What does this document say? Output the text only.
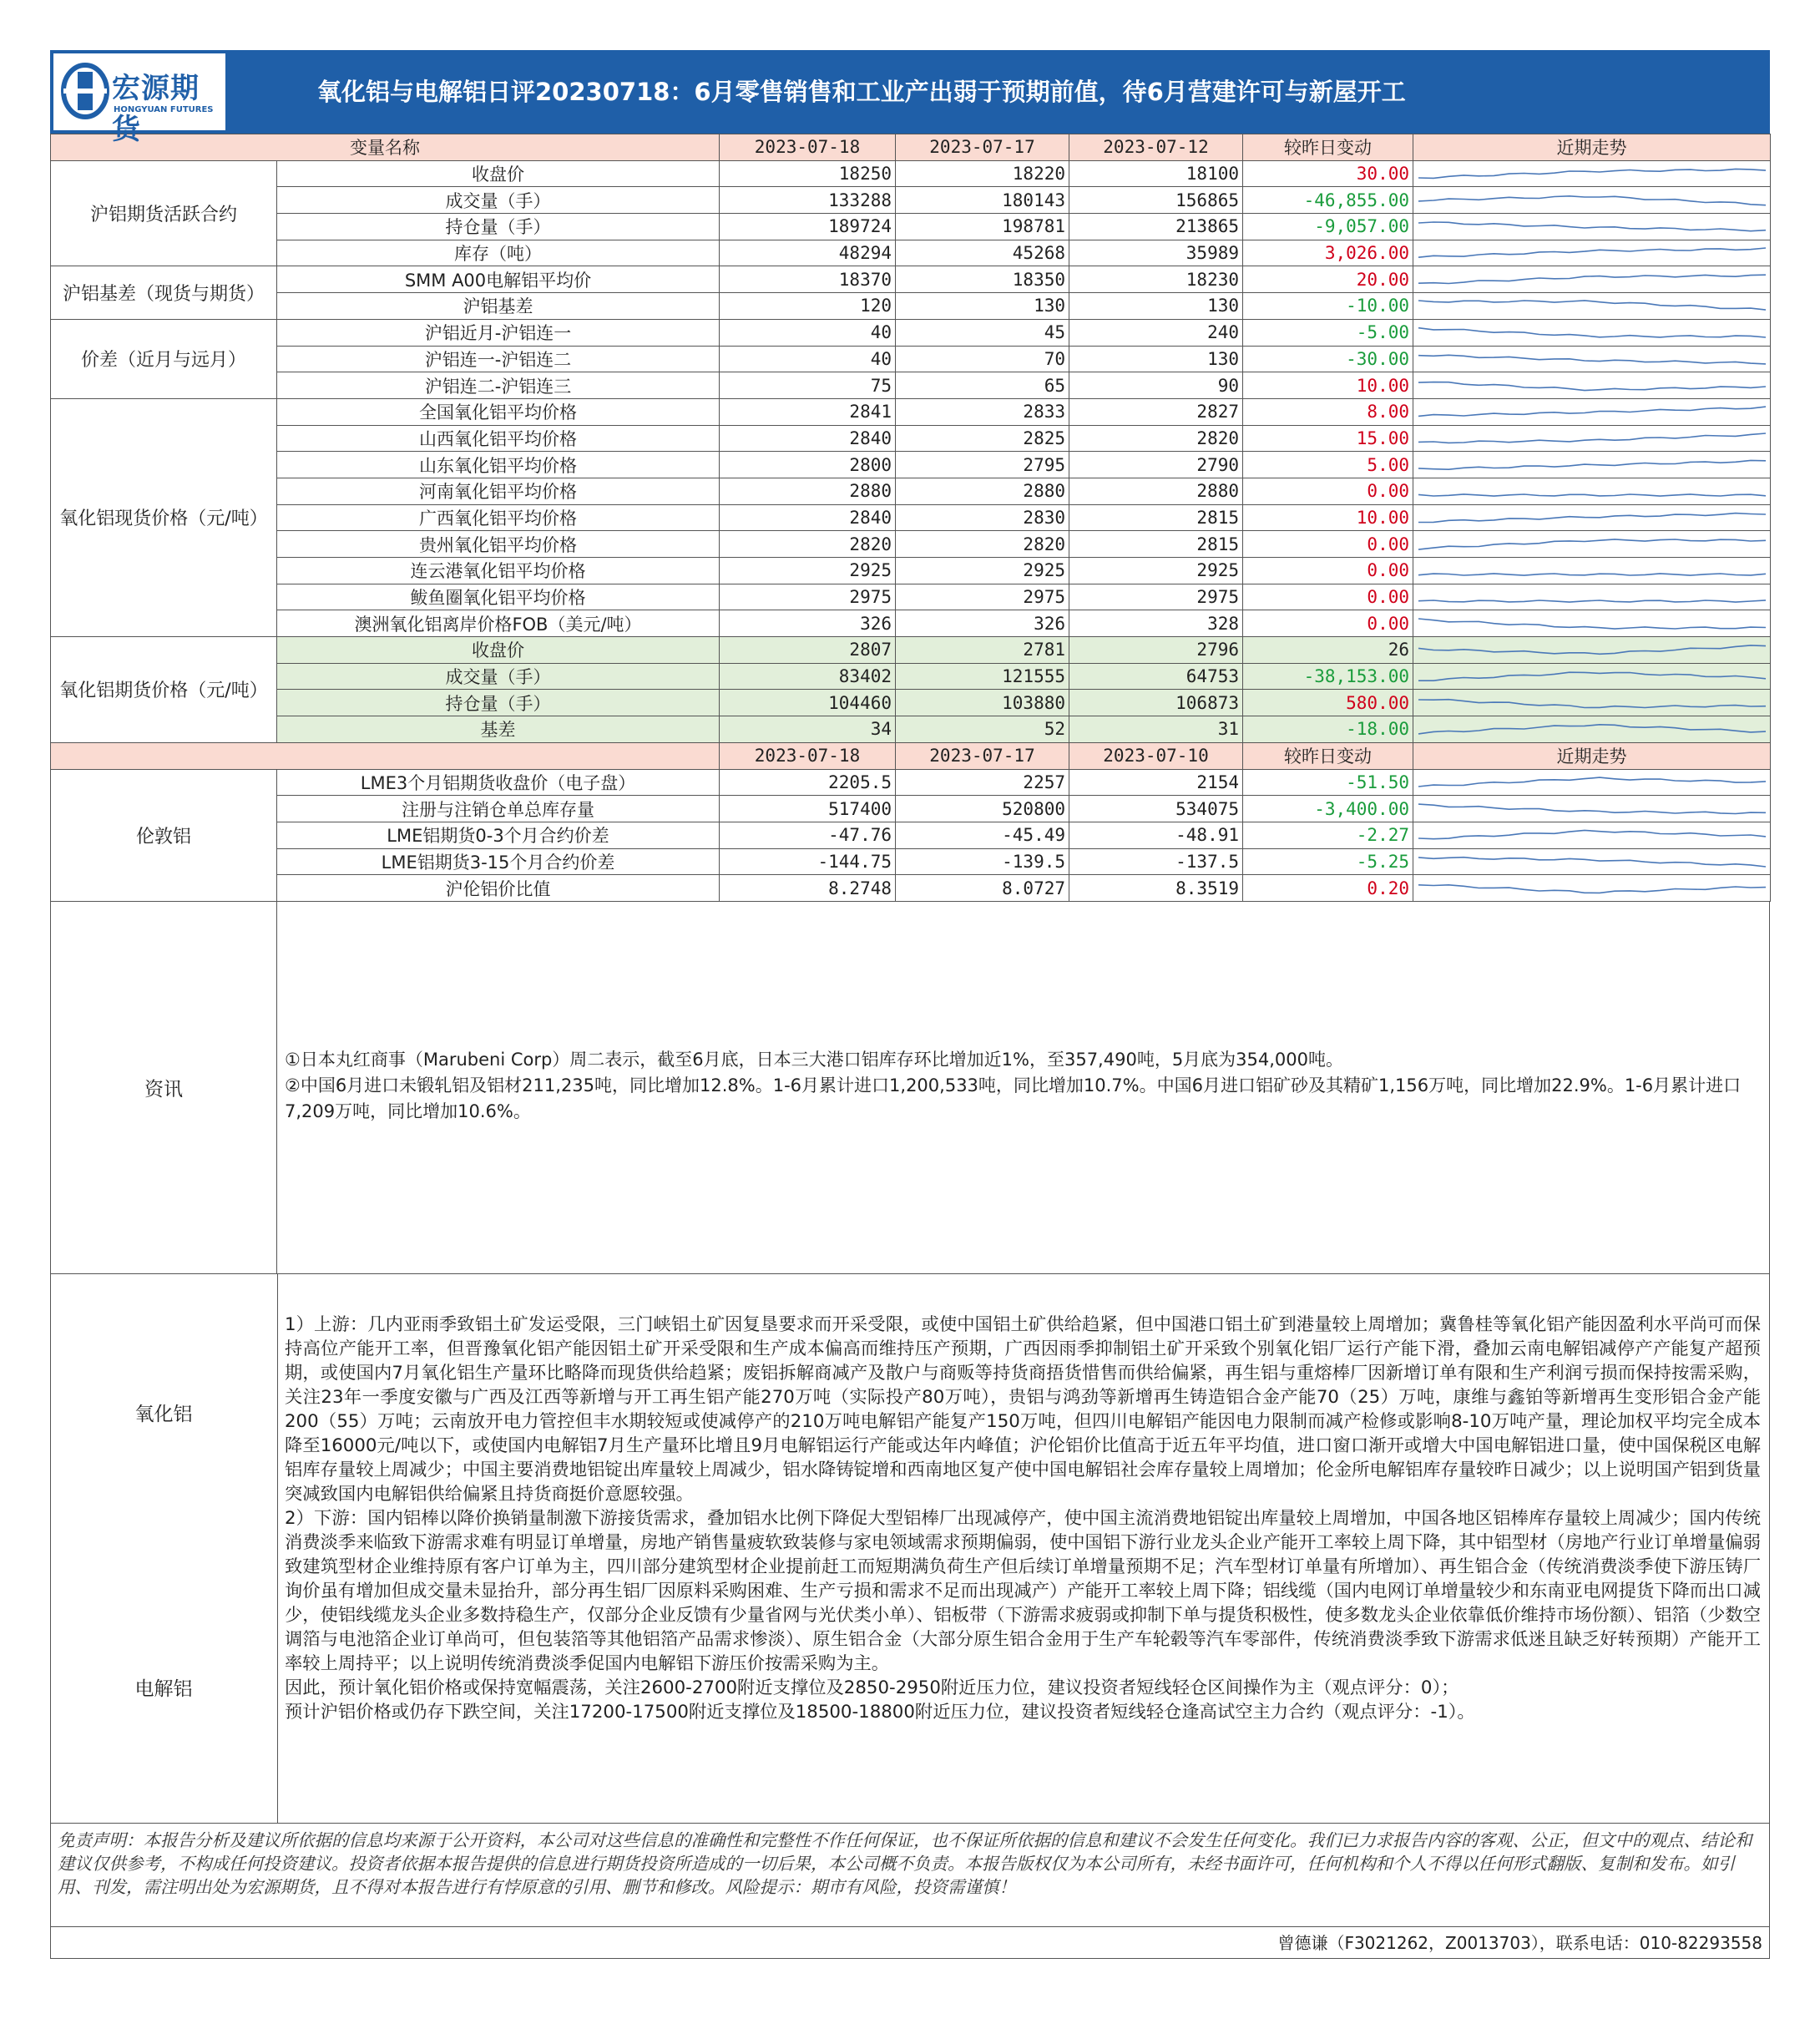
宏源期货
HONGYUAN FUTURES
氧化铝与电解铝日评20230718：6月零售销售和工业产出弱于预期前值，待6月营建许可与新屋开工
变量名称		2023-07-18	2023-07-17	2023-07-12	较昨日变动	近期走势
沪铝期货活跃合约	收盘价	18250	18220	18100	30.00	

	成交量（手）	133288	180143	156865	-46,855.00	

	持仓量（手）	189724	198781	213865	-9,057.00	

	库存（吨）	48294	45268	35989	3,026.00	

沪铝基差（现货与期货）	SMM A00电解铝平均价	18370	18350	18230	20.00	

	沪铝基差	120	130	130	-10.00	

价差（近月与远月）	沪铝近月-沪铝连一	40	45	240	-5.00	

	沪铝连一-沪铝连二	40	70	130	-30.00	

	沪铝连二-沪铝连三	75	65	90	10.00	

氧化铝现货价格（元/吨）	全国氧化铝平均价格	2841	2833	2827	8.00	

	山西氧化铝平均价格	2840	2825	2820	15.00	

	山东氧化铝平均价格	2800	2795	2790	5.00	

	河南氧化铝平均价格	2880	2880	2880	0.00	

	广西氧化铝平均价格	2840	2830	2815	10.00	

	贵州氧化铝平均价格	2820	2820	2815	0.00	

	连云港氧化铝平均价格	2925	2925	2925	0.00	

	鲅鱼圈氧化铝平均价格	2975	2975	2975	0.00	

	澳洲氧化铝离岸价格FOB（美元/吨）	326	326	328	0.00	

氧化铝期货价格（元/吨）	收盘价	2807	2781	2796	26	

	成交量（手）	83402	121555	64753	-38,153.00	

	持仓量（手）	104460	103880	106873	580.00	

	基差	34	52	31	-18.00	

		2023-07-18	2023-07-17	2023-07-10	较昨日变动	近期走势
伦敦铝	LME3个月铝期货收盘价（电子盘）	2205.5	2257	2154	-51.50	

	注册与注销仓单总库存量	517400	520800	534075	-3,400.00	

	LME铝期货0-3个月合约价差	-47.76	-45.49	-48.91	-2.27	

	LME铝期货3-15个月合约价差	-144.75	-139.5	-137.5	-5.25	

	沪伦铝价比值	8.2748	8.0727	8.3519	0.20	
资讯
①日本丸红商事（Marubeni Corp）周二表示，截至6月底，日本三大港口铝库存环比增加近1%，至357,490吨，5月底为354,000吨。
②中国6月进口未锻轧铝及铝材211,235吨，同比增加12.8%。1-6月累计进口1,200,533吨，同比增加10.7%。中国6月进口铝矿砂及其精矿1,156万吨，同比增加22.9%。1-6月累计进口7,209万吨，同比增加10.6%。
氧化铝
电解铝
1）上游：几内亚雨季致铝土矿发运受限，三门峡铝土矿因复垦要求而开采受限，或使中国铝土矿供给趋紧，但中国港口铝土矿到港量较上周增加；冀鲁桂等氧化铝产能因盈利水平尚可而保持高位产能开工率，但晋豫氧化铝产能因铝土矿开采受限和生产成本偏高而维持压产预期，广西因雨季抑制铝土矿开采致个别氧化铝厂运行产能下滑，叠加云南电解铝减停产产能复产超预期，或使国内7月氧化铝生产量环比略降而现货供给趋紧；废铝拆解商减产及散户与商贩等持货商捂货惜售而供给偏紧，再生铝与重熔棒厂因新增订单有限和生产利润亏损而保持按需采购，关注23年一季度安徽与广西及江西等新增与开工再生铝产能270万吨（实际投产80万吨），贵铝与鸿劲等新增再生铸造铝合金产能70（25）万吨，康维与鑫铂等新增再生变形铝合金产能200（55）万吨；云南放开电力管控但丰水期较短或使减停产的210万吨电解铝产能复产150万吨，但四川电解铝产能因电力限制而减产检修或影响8-10万吨产量，理论加权平均完全成本降至16000元/吨以下，或使国内电解铝7月生产量环比增且9月电解铝运行产能或达年内峰值；沪伦铝价比值高于近五年平均值，进口窗口渐开或增大中国电解铝进口量，使中国保税区电解铝库存量较上周减少；中国主要消费地铝锭出库量较上周减少，铝水降铸锭增和西南地区复产使中国电解铝社会库存量较上周增加；伦金所电解铝库存量较昨日减少；以上说明国产铝到货量突减致国内电解铝供给偏紧且持货商挺价意愿较强。
2）下游：国内铝棒以降价换销量制激下游接货需求，叠加铝水比例下降促大型铝棒厂出现减停产，使中国主流消费地铝锭出库量较上周增加，中国各地区铝棒库存量较上周减少；国内传统消费淡季来临致下游需求难有明显订单增量，房地产销售量疲软致装修与家电领域需求预期偏弱，使中国铝下游行业龙头企业产能开工率较上周下降，其中铝型材（房地产行业订单增量偏弱致建筑型材企业维持原有客户订单为主，四川部分建筑型材企业提前赶工而短期满负荷生产但后续订单增量预期不足；汽车型材订单量有所增加）、再生铝合金（传统消费淡季使下游压铸厂询价虽有增加但成交量未显抬升，部分再生铝厂因原料采购困难、生产亏损和需求不足而出现减产）产能开工率较上周下降；铝线缆（国内电网订单增量较少和东南亚电网提货下降而出口减少，使铝线缆龙头企业多数持稳生产，仅部分企业反馈有少量省网与光伏类小单）、铝板带（下游需求疲弱或抑制下单与提货积极性，使多数龙头企业依靠低价维持市场份额）、铝箔（少数空调箔与电池箔企业订单尚可，但包装箔等其他铝箔产品需求惨淡）、原生铝合金（大部分原生铝合金用于生产车轮毂等汽车零部件，传统消费淡季致下游需求低迷且缺乏好转预期）产能开工率较上周持平；以上说明传统消费淡季促国内电解铝下游压价按需采购为主。
因此，预计氧化铝价格或保持宽幅震荡，关注2600-2700附近支撑位及2850-2950附近压力位，建议投资者短线轻仓区间操作为主（观点评分：0）；
预计沪铝价格或仍存下跌空间，关注17200-17500附近支撑位及18500-18800附近压力位，建议投资者短线轻仓逢高试空主力合约（观点评分：-1）。
免责声明：本报告分析及建议所依据的信息均来源于公开资料，本公司对这些信息的准确性和完整性不作任何保证，也不保证所依据的信息和建议不会发生任何变化。我们已力求报告内容的客观、公正，但文中的观点、结论和建议仅供参考，不构成任何投资建议。投资者依据本报告提供的信息进行期货投资所造成的一切后果，本公司概不负责。本报告版权仅为本公司所有，未经书面许可，任何机构和个人不得以任何形式翻版、复制和发布。如引用、刊发，需注明出处为宏源期货，且不得对本报告进行有悖原意的引用、删节和修改。风险提示：期市有风险，投资需谨慎！
曾德谦（F3021262，Z0013703），联系电话：010-82293558
